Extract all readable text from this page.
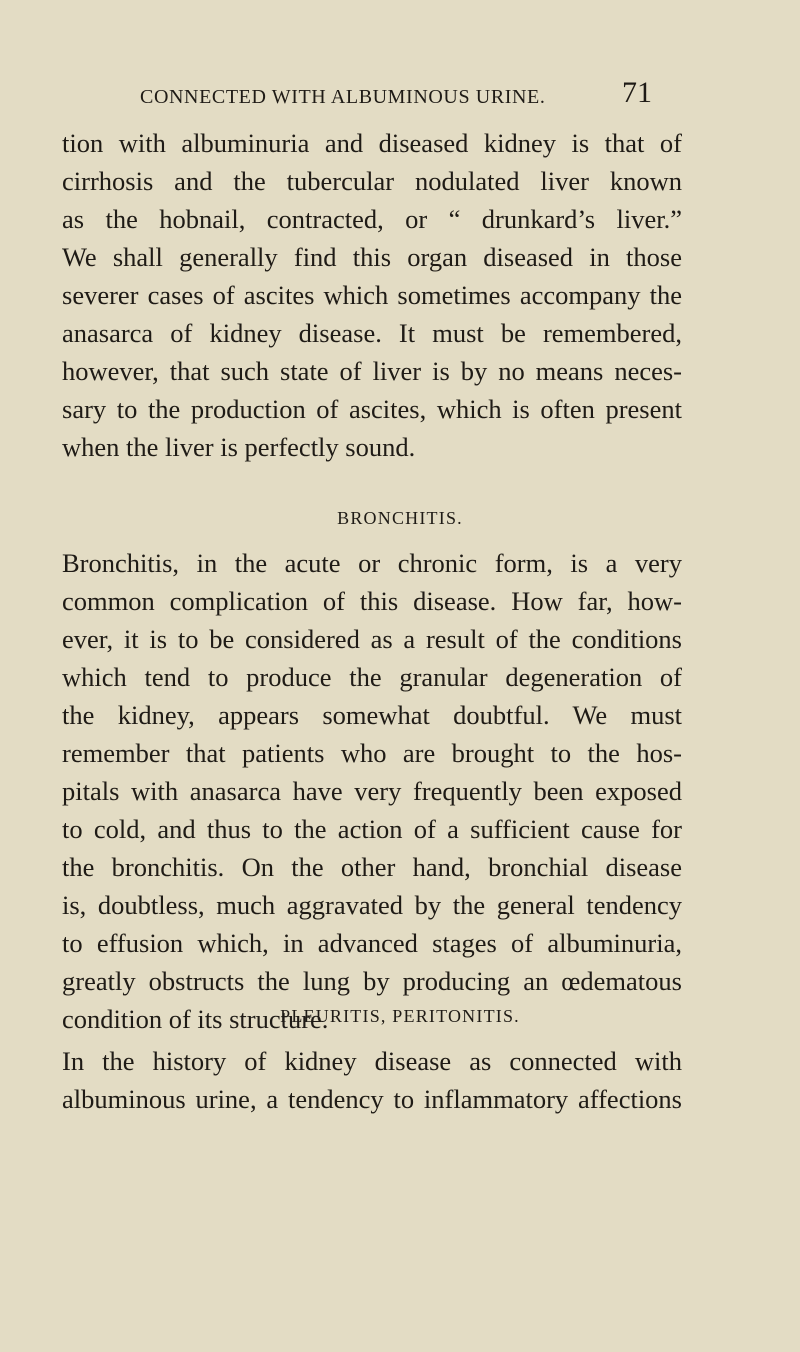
CONNECTED WITH ALBUMINOUS URINE.	71
tion with albuminuria and diseased kidney is that of
cirrhosis and the tubercular nodulated liver known
as the hobnail, contracted, or “ drunkard’s liver.”
We shall generally find this organ diseased in those
severer cases of ascites which sometimes accompany the
anasarca of kidney disease. It must be remembered,
however, that such state of liver is by no means neces-
sary to the production of ascites, which is often present
when the liver is perfectly sound.
BRONCHITIS.
Bronchitis, in the acute or chronic form, is a very
common complication of this disease. How far, how-
ever, it is to be considered as a result of the conditions
which tend to produce the granular degeneration of
the kidney, appears somewhat doubtful. We must
remember that patients who are brought to the hos-
pitals with anasarca have very frequently been exposed
to cold, and thus to the action of a sufficient cause for
the bronchitis. On the other hand, bronchial disease
is, doubtless, much aggravated by the general tendency
to effusion which, in advanced stages of albuminuria,
greatly obstructs the lung by producing an œdematous
condition of its structure.
PLEURITIS, PERITONITIS.
In the history of kidney disease as connected with
albuminous urine, a tendency to inflammatory affections
